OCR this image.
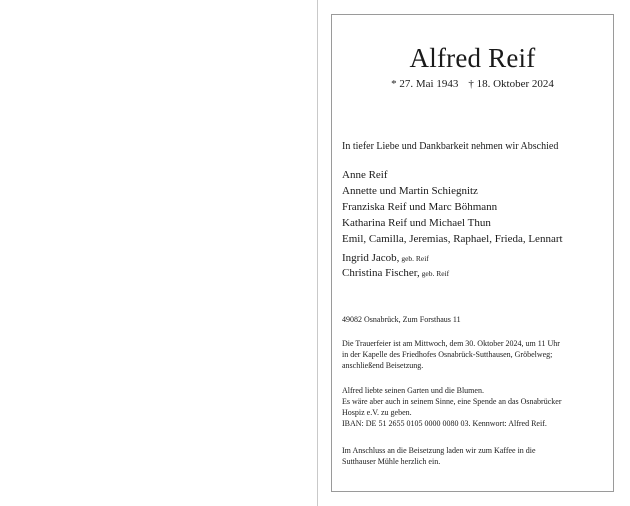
Alfred Reif
* 27. Mai 1943 † 18. Oktober 2024
In tiefer Liebe und Dankbarkeit nehmen wir Abschied
Anne Reif
Annette und Martin Schiegnitz
Franziska Reif und Marc Böhmann
Katharina Reif und Michael Thun
Emil, Camilla, Jeremias, Raphael, Frieda, Lennart
Ingrid Jacob, geb. Reif
Christina Fischer, geb. Reif
49082 Osnabrück, Zum Forsthaus 11
Die Trauerfeier ist am Mittwoch, dem 30. Oktober 2024, um 11 Uhr
in der Kapelle des Friedhofes Osnabrück-Sutthausen, Gröbelweg;
anschließend Beisetzung.
Alfred liebte seinen Garten und die Blumen.
Es wäre aber auch in seinem Sinne, eine Spende an das Osnabrücker
Hospiz e.V. zu geben.
IBAN: DE 51 2655 0105 0000 0080 03. Kennwort: Alfred Reif.
Im Anschluss an die Beisetzung laden wir zum Kaffee in die
Sutthauser Mühle herzlich ein.
